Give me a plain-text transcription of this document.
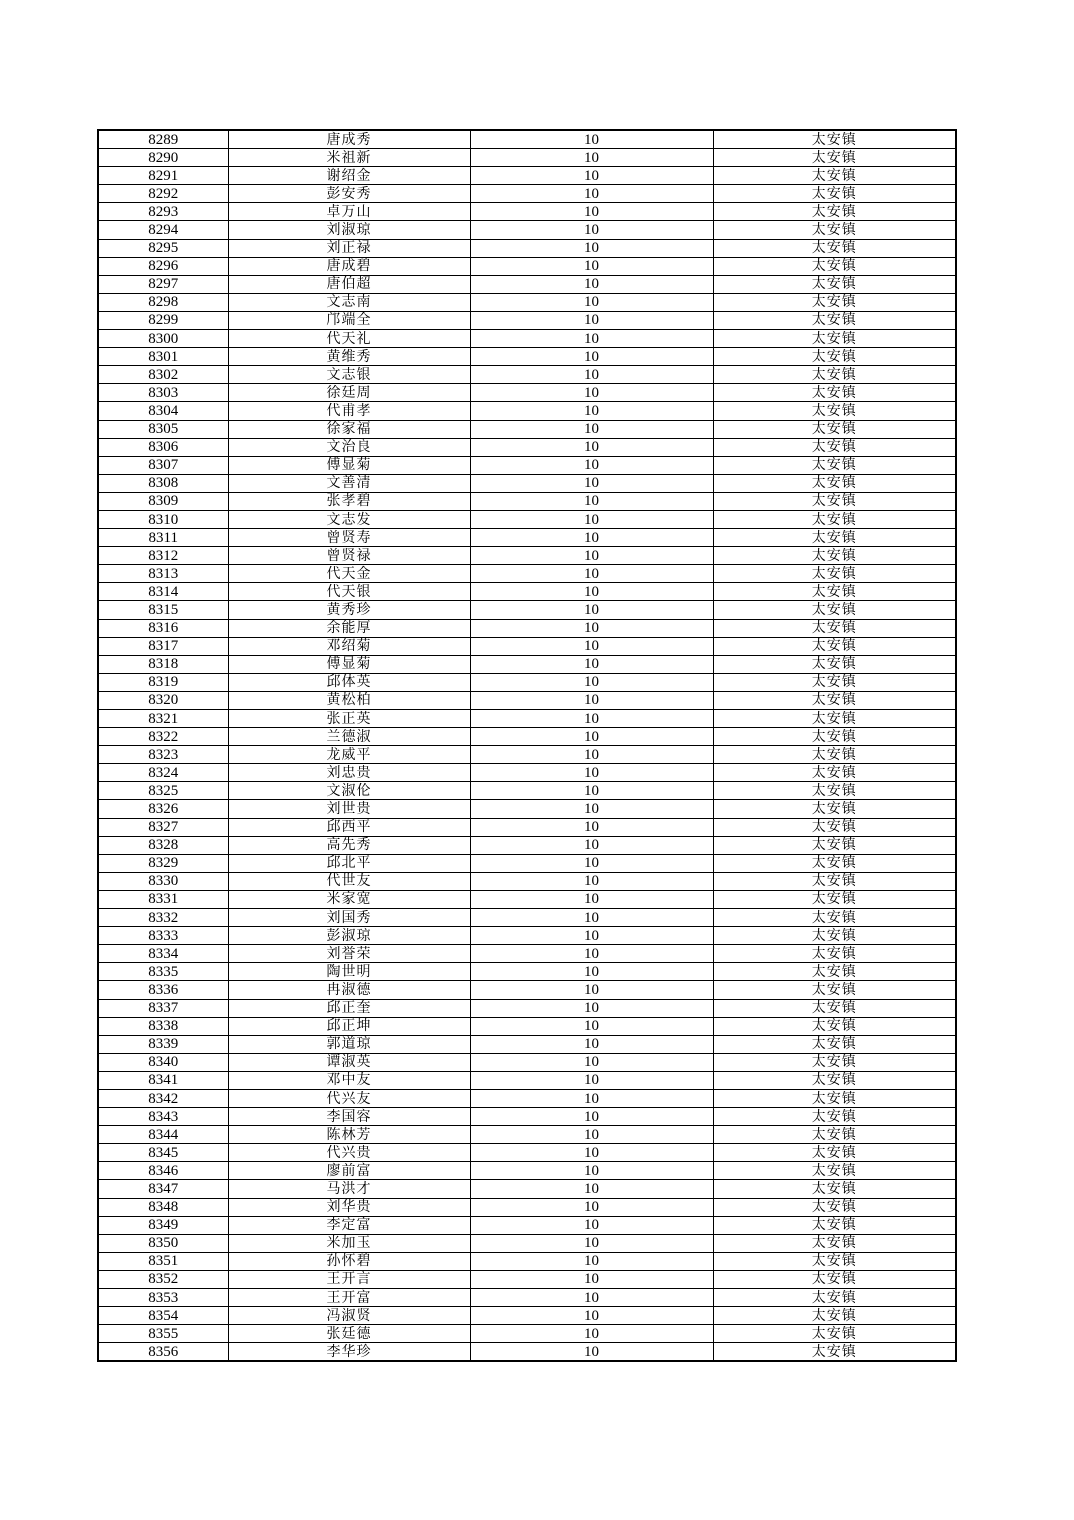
8289	唐成秀	10	太安镇
8290	米祖新	10	太安镇
8291	谢绍金	10	太安镇
8292	彭安秀	10	太安镇
8293	卓万山	10	太安镇
8294	刘淑琼	10	太安镇
8295	刘正禄	10	太安镇
8296	唐成碧	10	太安镇
8297	唐伯超	10	太安镇
8298	文志南	10	太安镇
8299	邝端全	10	太安镇
8300	代天礼	10	太安镇
8301	黄维秀	10	太安镇
8302	文志银	10	太安镇
8303	徐廷周	10	太安镇
8304	代甫孝	10	太安镇
8305	徐家福	10	太安镇
8306	文治良	10	太安镇
8307	傅显菊	10	太安镇
8308	文善清	10	太安镇
8309	张孝碧	10	太安镇
8310	文志发	10	太安镇
8311	曾贤寿	10	太安镇
8312	曾贤禄	10	太安镇
8313	代天金	10	太安镇
8314	代天银	10	太安镇
8315	黄秀珍	10	太安镇
8316	余能厚	10	太安镇
8317	邓绍菊	10	太安镇
8318	傅显菊	10	太安镇
8319	邱体英	10	太安镇
8320	黄松柏	10	太安镇
8321	张正英	10	太安镇
8322	兰德淑	10	太安镇
8323	龙威平	10	太安镇
8324	刘忠贵	10	太安镇
8325	文淑伦	10	太安镇
8326	刘世贵	10	太安镇
8327	邱西平	10	太安镇
8328	高先秀	10	太安镇
8329	邱北平	10	太安镇
8330	代世友	10	太安镇
8331	米家宽	10	太安镇
8332	刘国秀	10	太安镇
8333	彭淑琼	10	太安镇
8334	刘誉荣	10	太安镇
8335	陶世明	10	太安镇
8336	冉淑德	10	太安镇
8337	邱正奎	10	太安镇
8338	邱正坤	10	太安镇
8339	郭道琼	10	太安镇
8340	谭淑英	10	太安镇
8341	邓中友	10	太安镇
8342	代兴友	10	太安镇
8343	李国容	10	太安镇
8344	陈林芳	10	太安镇
8345	代兴贵	10	太安镇
8346	廖前富	10	太安镇
8347	马洪才	10	太安镇
8348	刘华贵	10	太安镇
8349	李定富	10	太安镇
8350	米加玉	10	太安镇
8351	孙怀碧	10	太安镇
8352	王开言	10	太安镇
8353	王开富	10	太安镇
8354	冯淑贤	10	太安镇
8355	张廷德	10	太安镇
8356	李华珍	10	太安镇
